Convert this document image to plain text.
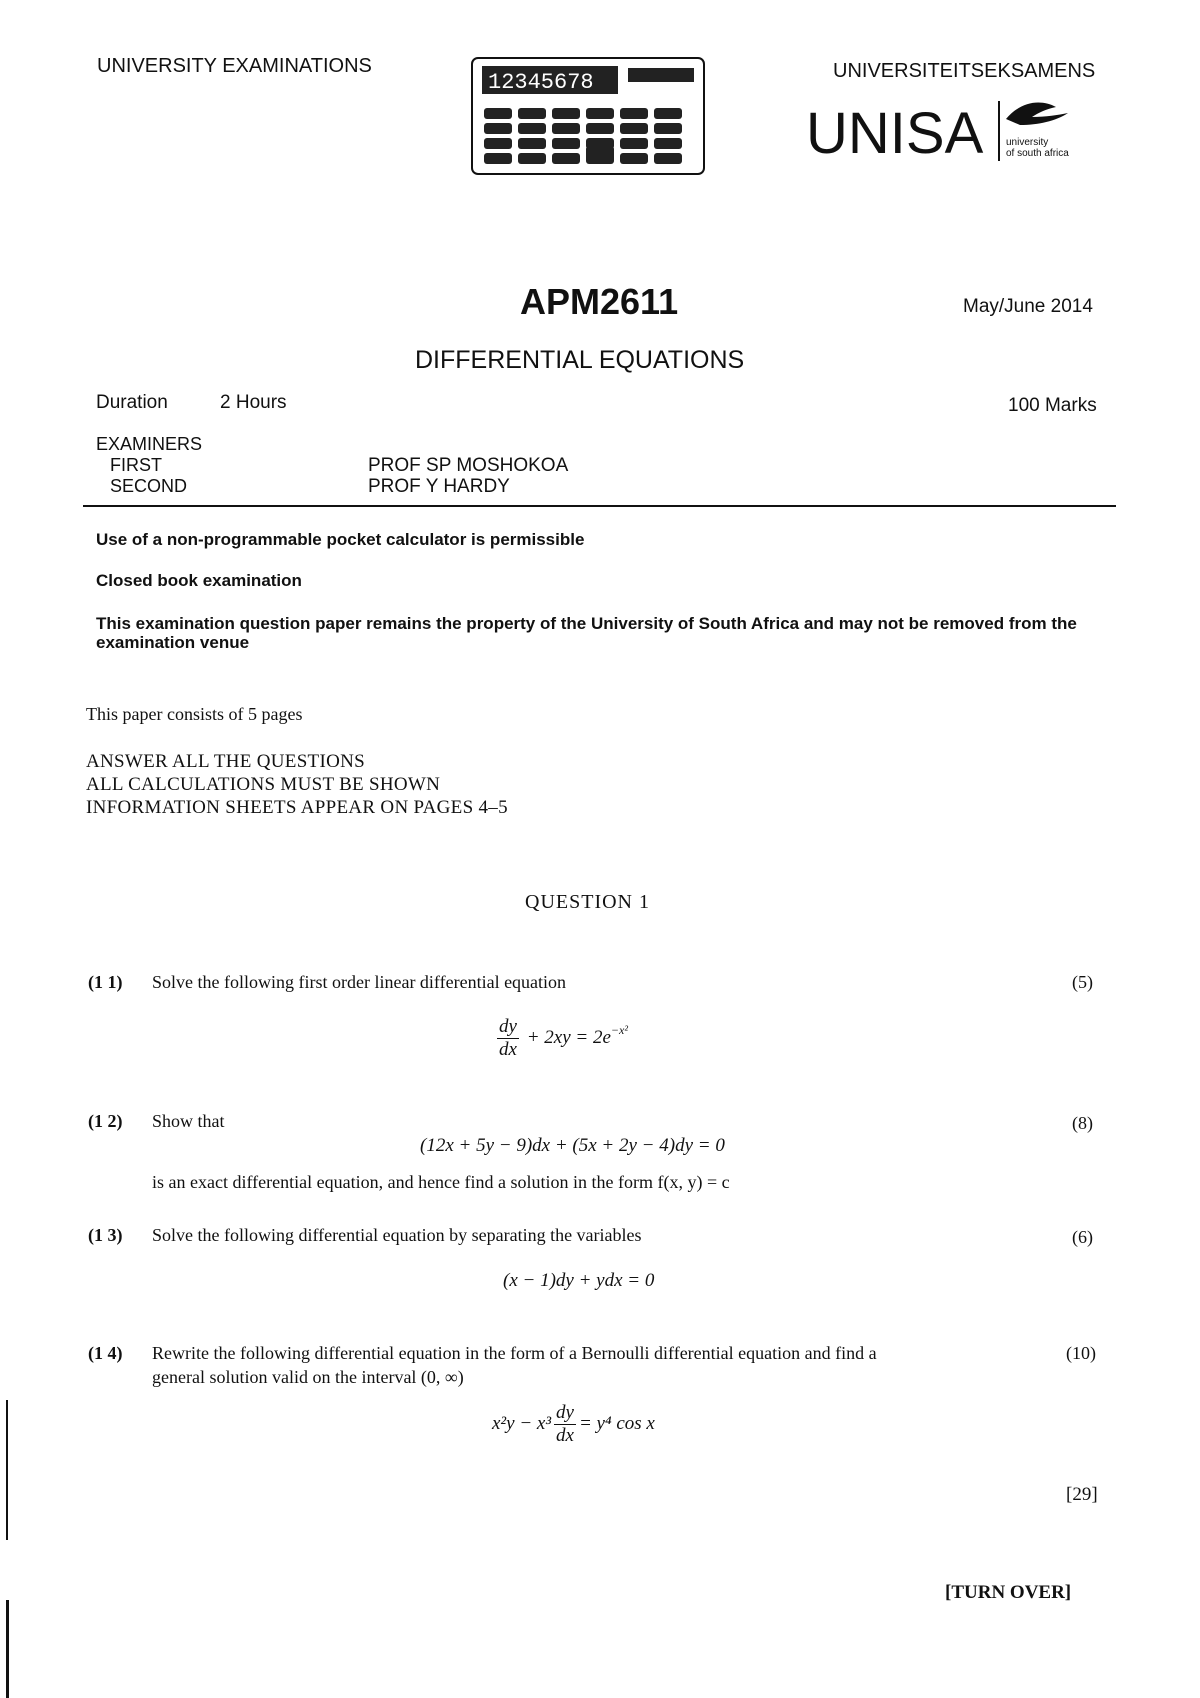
UNIVERSITY EXAMINATIONS	UNIVERSITEITSEKSAMENS
12345678
UNISA university
of south africa
APM2611	May/June 2014
DIFFERENTIAL EQUATIONS
Duration	2 Hours	100 Marks
EXAMINERS
FIRST	PROF SP MOSHOKOA
SECOND	PROF Y HARDY
Use of a non-programmable pocket calculator is permissible
Closed book examination
This examination question paper remains the property of the University of South Africa and may not be removed from the examination venue
This paper consists of 5 pages
ANSWER ALL THE QUESTIONS
ALL CALCULATIONS MUST BE SHOWN
INFORMATION SHEETS APPEAR ON PAGES 4–5
QUESTION 1
(1 1) Solve the following first order linear differential equation	(5)
$\frac{dy}{dx} + 2xy = 2e^{-x^2}$
(1 2) Show that	(8)
(12x + 5y − 9)dx + (5x + 2y − 4)dy = 0
is an exact differential equation, and hence find a solution in the form f(x, y) = c
(1 3) Solve the following differential equation by separating the variables	(6)
(x − 1)dy + ydx = 0
(1 4) Rewrite the following differential equation in the form of a Bernoulli differential equation and find a
general solution valid on the interval (0, ∞)
(10)
$x^2y - x^3 \frac{dy}{dx} = y^4$ cos x
[29]
[TURN OVER]
